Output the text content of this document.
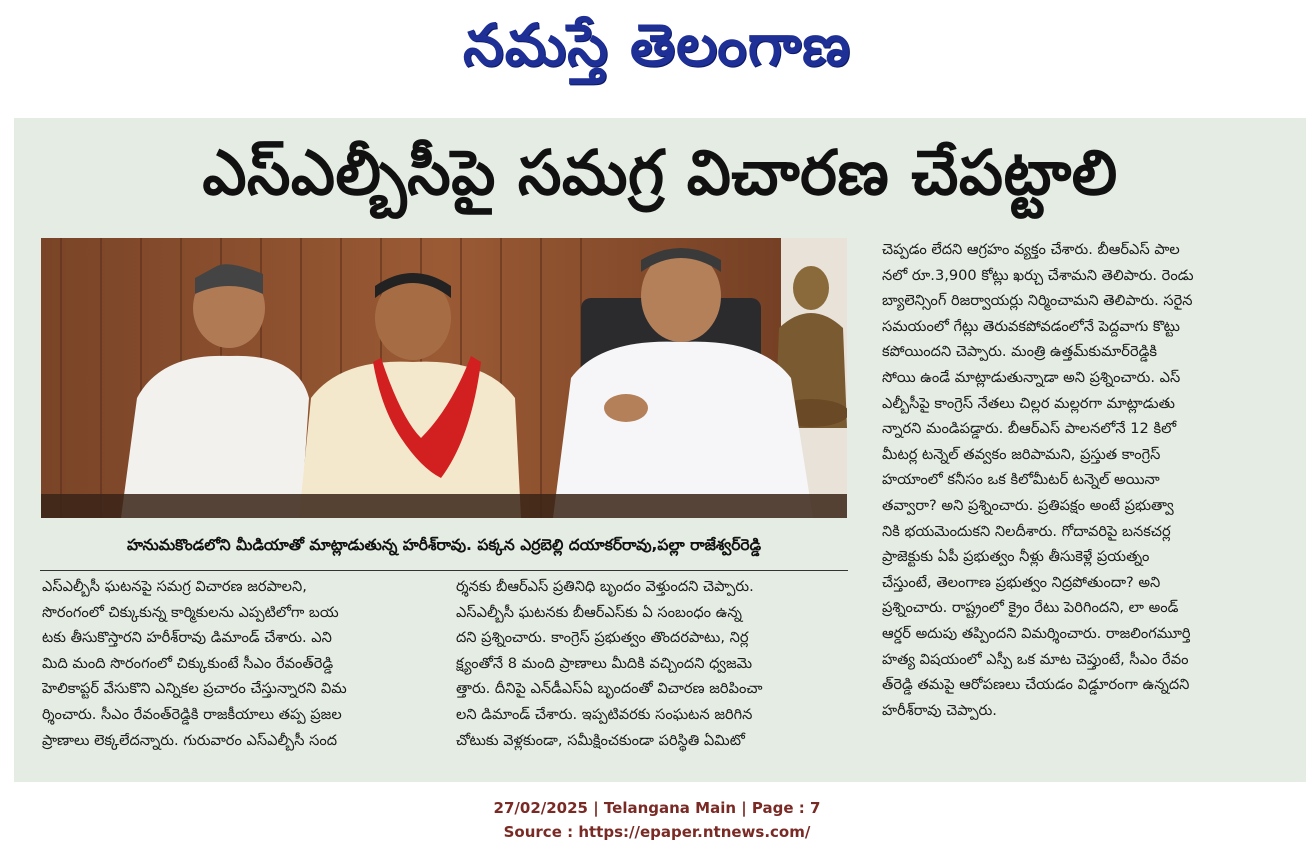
నమస్తే తెలంగాణ
ఎస్ఎల్బీసీపై సమగ్ర విచారణ చేపట్టాలి
హనుమకొండలోని మీడియాతో మాట్లాడుతున్న హరీశ్‌రావు. పక్కన ఎర్రబెల్లి దయాకర్‌రావు,పల్లా రాజేశ్వర్‌రెడ్డి
ఎస్ఎల్బీసీ ఘటనపై సమగ్ర విచారణ జరపాలని,
సొరంగంలో చిక్కుకున్న కార్మికులను ఎప్పటిలోగా బయ
టకు తీసుకొస్తారని హరీశ్‌రావు డిమాండ్ చేశారు. ఎని
మిది మంది సొరంగంలో చిక్కుకుంటే సీఎం రేవంత్‌రెడ్డి
హెలికాప్టర్ వేసుకొని ఎన్నికల ప్రచారం చేస్తున్నారని విమ
ర్శించారు. సీఎం రేవంత్‌రెడ్డికి రాజకీయాలు తప్ప ప్రజల
ప్రాణాలు లెక్కలేదన్నారు. గురువారం ఎస్ఎల్బీసీ సంద
ర్శనకు బీఆర్ఎస్ ప్రతినిధి బృందం వెళ్తుందని చెప్పారు.
ఎస్ఎల్బీసీ ఘటనకు బీఆర్ఎస్‌కు ఏ సంబంధం ఉన్న
దని ప్రశ్నించారు. కాంగ్రెస్ ప్రభుత్వం తొందరపాటు, నిర్ల
క్ష్యంతోనే 8 మంది ప్రాణాలు మీదికి వచ్చిందని ధ్వజమె
త్తారు. దీనిపై ఎన్‌డీఎస్ఏ బృందంతో విచారణ జరిపించా
లని డిమాండ్ చేశారు. ఇప్పటివరకు సంఘటన జరిగిన
చోటుకు వెళ్లకుండా, సమీక్షించకుండా పరిస్థితి ఏమిటో
చెప్పడం లేదని ఆగ్రహం వ్యక్తం చేశారు. బీఆర్ఎస్ పాల
నలో రూ.3,900 కోట్లు ఖర్చు చేశామని తెలిపారు. రెండు
బ్యాలెన్సింగ్ రిజర్వాయర్లు నిర్మించామని తెలిపారు. సరైన
సమయంలో గేట్లు తెరువకపోవడంలోనే పెద్దవాగు కొట్టు
కపోయిందని చెప్పారు. మంత్రి ఉత్తమ్‌కుమార్‌రెడ్డికి
సోయి ఉండే మాట్లాడుతున్నాడా అని ప్రశ్నించారు. ఎస్
ఎల్బీసీపై కాంగ్రెస్ నేతలు చిల్లర మల్లరగా మాట్లాడుతు
న్నారని మండిపడ్డారు. బీఆర్ఎస్ పాలనలోనే 12 కిలో
మీటర్ల టన్నెల్ తవ్వకం జరిపామని, ప్రస్తుత కాంగ్రెస్
హయాంలో కనీసం ఒక కిలోమీటర్ టన్నెల్ అయినా
తవ్వారా? అని ప్రశ్నించారు. ప్రతిపక్షం అంటే ప్రభుత్వా
నికి భయమెందుకని నిలదీశారు. గోదావరిపై బనకచర్ల
ప్రాజెక్టుకు ఏపీ ప్రభుత్వం నీళ్లు తీసుకెళ్లే ప్రయత్నం
చేస్తుంటే, తెలంగాణ ప్రభుత్వం నిద్రపోతుందా? అని
ప్రశ్నించారు. రాష్ట్రంలో క్రైం రేటు పెరిగిందని, లా అండ్
ఆర్డర్ అదుపు తప్పిందని విమర్శించారు. రాజలింగమూర్తి
హత్య విషయంలో ఎస్పీ ఒక మాట చెప్తుంటే, సీఎం రేవం
త్‌రెడ్డి తమపై ఆరోపణలు చేయడం విడ్డూరంగా ఉన్నదని
హరీశ్‌రావు చెప్పారు.
27/02/2025 | Telangana Main | Page : 7
Source : https://epaper.ntnews.com/
